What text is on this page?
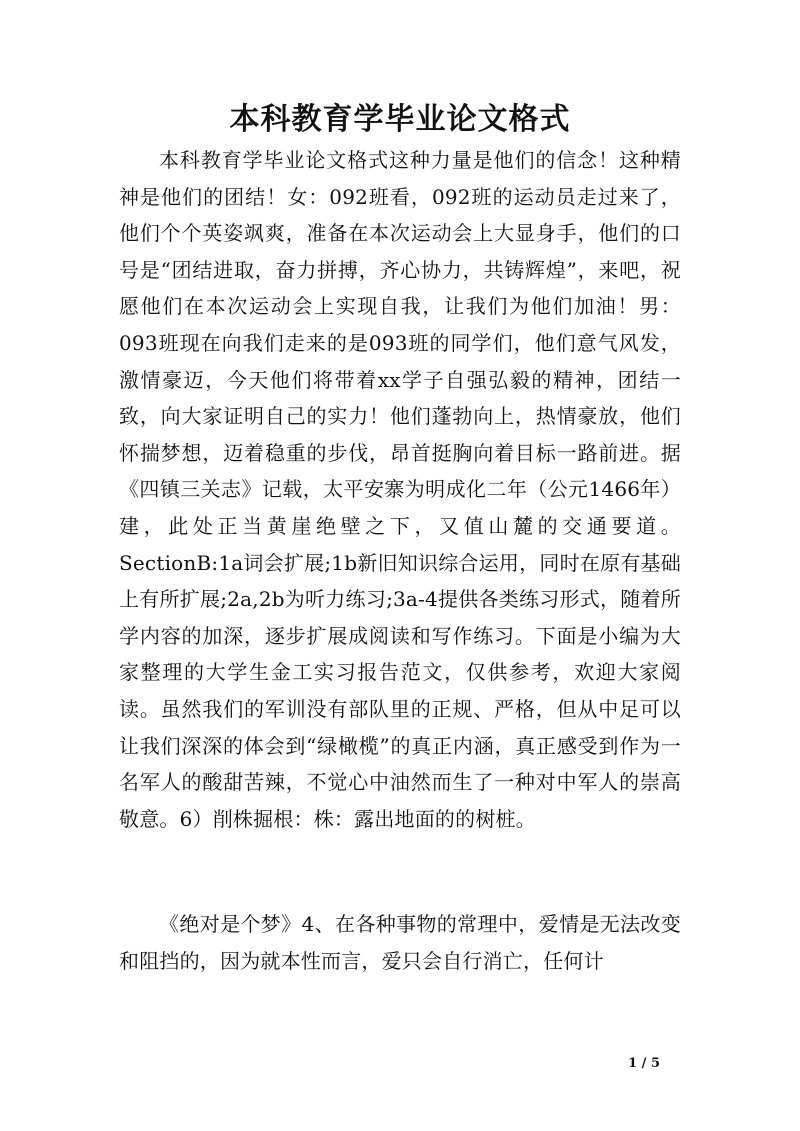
本科教育学毕业论文格式

本科教育学毕业论文格式这种力量是他们的信念！这种精神是他们的团结！女：092班看，092班的运动员走过来了，他们个个英姿飒爽，准备在本次运动会上大显身手，他们的口号是“团结进取，奋力拼搏，齐心协力，共铸辉煌”，来吧，祝愿他们在本次运动会上实现自我，让我们为他们加油！男：093班现在向我们走来的是093班的同学们，他们意气风发，激情豪迈，今天他们将带着xx学子自强弘毅的精神，团结一致，向大家证明自己的实力！他们蓬勃向上，热情豪放，他们怀揣梦想，迈着稳重的步伐，昂首挺胸向着目标一路前进。据《四镇三关志》记载，太平安寨为明成化二年（公元1466年）建，此处正当黄崖绝壁之下，又值山麓的交通要道。SectionB:1a词会扩展;1b新旧知识综合运用，同时在原有基础上有所扩展;2a,2b为听力练习;3a-4提供各类练习形式，随着所学内容的加深，逐步扩展成阅读和写作练习。下面是小编为大家整理的大学生金工实习报告范文，仅供参考，欢迎大家阅读。虽然我们的军训没有部队里的正规、严格，但从中足可以让我们深深的体会到“绿橄榄”的真正内涵，真正感受到作为一名军人的酸甜苦辣，不觉心中油然而生了一种对中军人的崇高敬意。6）削株掘根：株：露出地面的的树桩。

《绝对是个梦》4、在各种事物的常理中，爱情是无法改变和阻挡的，因为就本性而言，爱只会自行消亡，任何计

1 / 5
